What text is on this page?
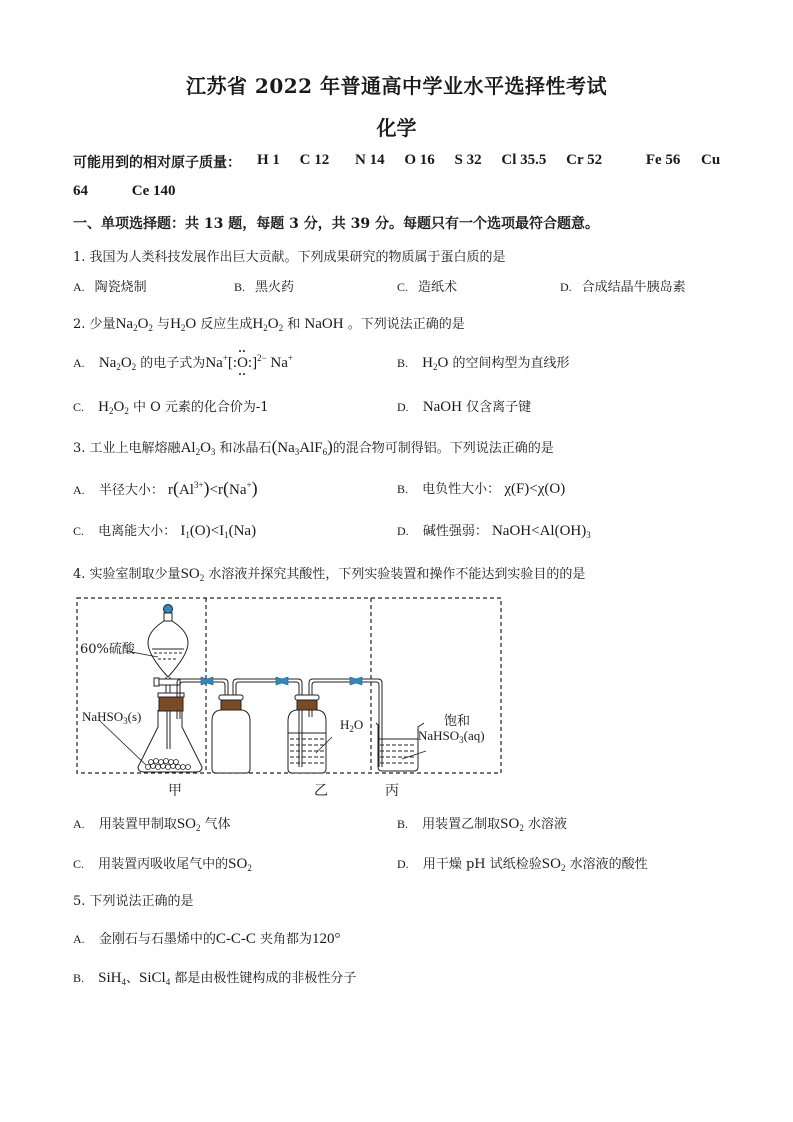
江苏省 2022 年普通高中学业水平选择性考试
化学
可能用到的相对原子质量： H 1 C 12 N 14 O 16 S 32 Cl 35.5 Cr 52	Fe 56 Cu
64	Ce 140
一、单项选择题：共 13 题，每题 3 分，共 39 分。每题只有一个选项最符合题意。
1. 我国为人类科技发展作出巨大贡献。下列成果研究的物质属于蛋白质的是
A. 陶瓷烧制	B. 黑火药	C. 造纸术	D. 合成结晶牛胰岛素
2. 少量$Na_2O_2$ 与$H_2O$ 反应生成$H_2O_2$ 和 NaOH 。下列说法正确的是
A. $Na_2O_2$ 的电子式为Na+[:
••
O
••
:]$^{2-}$ Na+	B. $H_2O$ 的空间构型为直线形
C. $H_2O_2$ 中 O 元素的化合价为-1	D. NaOH 仅含离子键
3. 工业上电解熔融$Al_2O_3$ 和冰晶石$(Na_3AlF_6)$的混合物可制得铝。下列说法正确的是
A. 半径大小： $r(Al^{3+})<r(Na^+)$	B. 电负性大小： χ(F)<χ(O)
C. 电离能大小： $I_1(O)<I_1(Na)$	D. 碱性强弱： $NaOH<Al(OH)_3$
4. 实验室制取少量$SO_2$ 水溶液并探究其酸性，下列实验装置和操作不能达到实验目的的是
60%硫酸
NaHSO$_3$(s)
$H_2O$	饱和
NaHSO$_3$(aq)
甲	乙	丙
A. 用装置甲制取$SO_2$ 气体	B. 用装置乙制取$SO_2$ 水溶液
C. 用装置丙吸收尾气中的$SO_2$	D. 用干燥 pH 试纸检验$SO_2$ 水溶液的酸性
5. 下列说法正确的是
A. 金刚石与石墨烯中的C-C-C 夹角都为120°
B. SiH$_4$、SiCl$_4$ 都是由极性键构成的非极性分子
